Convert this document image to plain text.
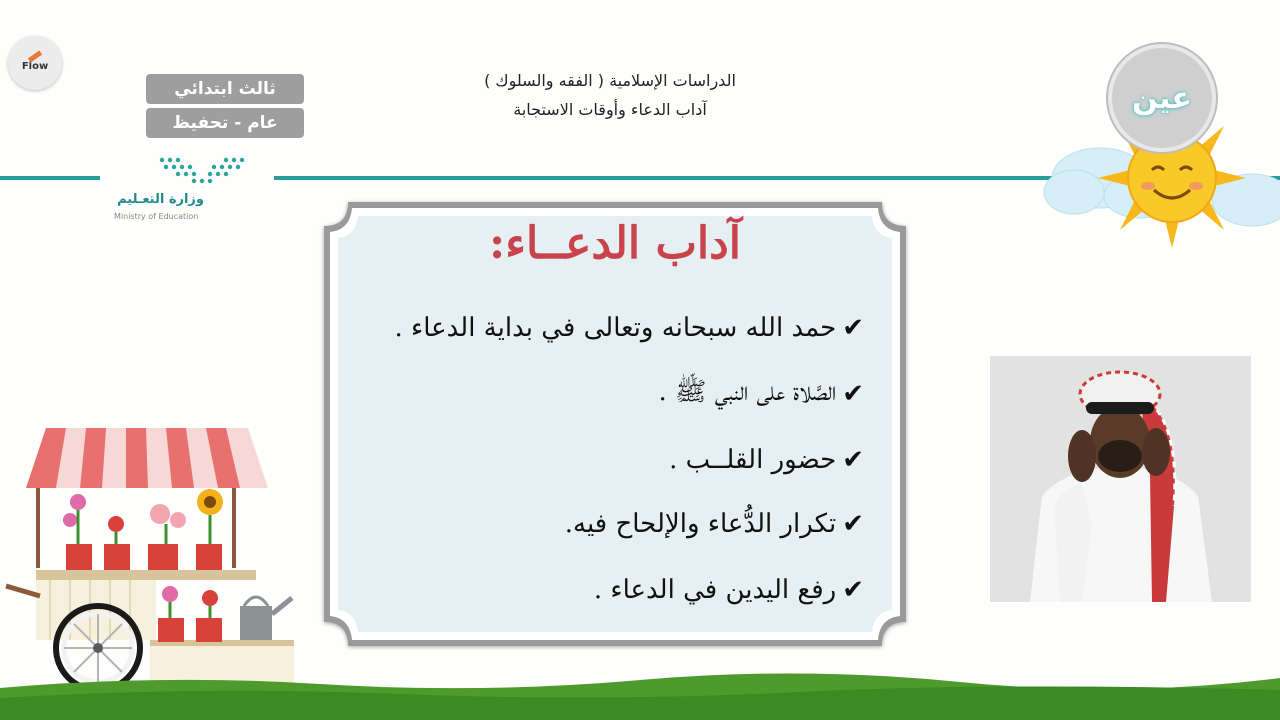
Flow
ثالث ابتدائي
عام - تحفيظ
وزارة التعـليم
Ministry of Education
الدراسات الإسلامية ( الفقه والسلوك )
آداب الدعاء وأوقات الاستجابة	عين
آداب الدعــاء:
✔
حمد الله سبحانه وتعالى في بداية الدعاء .
✔
الصَّلاة على النبي ﷺ .
✔
حضور القلــب .
✔
تكرار الدُّعاء والإلحاح فيه.
✔
رفع اليدين في الدعاء .
